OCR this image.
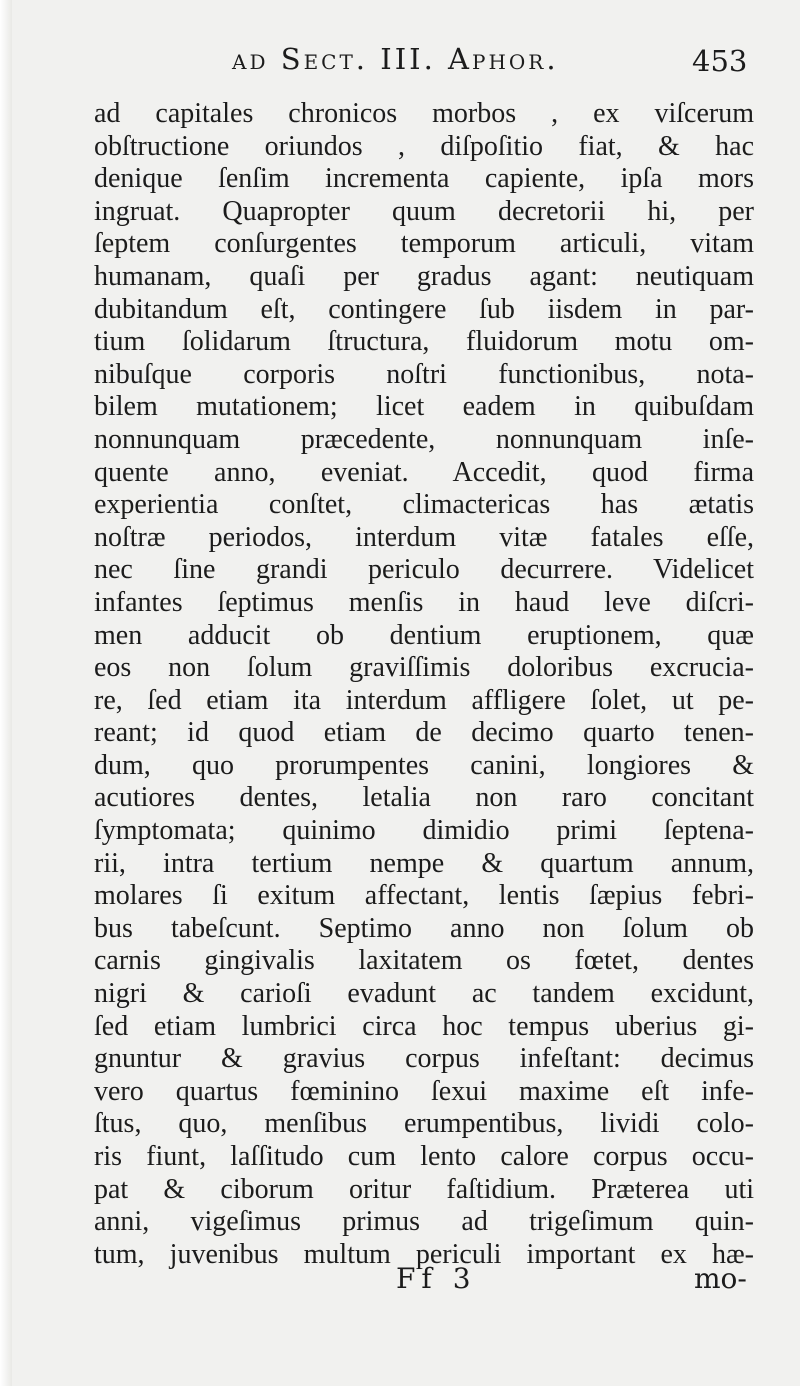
ad Sect. III. Aphor.	453
ad capitales chronicos morbos , ex viſcerum
obſtructione oriundos , diſpoſitio fiat, & hac
denique ſenſim incrementa capiente, ipſa mors
ingruat. Quapropter quum decretorii hi, per
ſeptem conſurgentes temporum articuli, vitam
humanam, quaſi per gradus agant: neutiquam
dubitandum eſt, contingere ſub iisdem in par-
tium ſolidarum ſtructura, fluidorum motu om-
nibuſque corporis noſtri functionibus, nota-
bilem mutationem; licet eadem in quibuſdam
nonnunquam præcedente, nonnunquam inſe-
quente anno, eveniat. Accedit, quod firma
experientia conſtet, climactericas has ætatis
noſtræ periodos, interdum vitæ fatales eſſe,
nec ſine grandi periculo decurrere. Videlicet
infantes ſeptimus menſis in haud leve diſcri-
men adducit ob dentium eruptionem, quæ
eos non ſolum graviſſimis doloribus excrucia-
re, ſed etiam ita interdum affligere ſolet, ut pe-
reant; id quod etiam de decimo quarto tenen-
dum, quo prorumpentes canini, longiores &
acutiores dentes, letalia non raro concitant
ſymptomata; quinimo dimidio primi ſeptena-
rii, intra tertium nempe & quartum annum,
molares ſi exitum affectant, lentis ſæpius febri-
bus tabeſcunt. Septimo anno non ſolum ob
carnis gingivalis laxitatem os fœtet, dentes
nigri & carioſi evadunt ac tandem excidunt,
ſed etiam lumbrici circa hoc tempus uberius gi-
gnuntur & gravius corpus infeſtant: decimus
vero quartus fœminino ſexui maxime eſt infe-
ſtus, quo, menſibus erumpentibus, lividi colo-
ris fiunt, laſſitudo cum lento calore corpus occu-
pat & ciborum oritur faſtidium. Præterea uti
anni, vigeſimus primus ad trigeſimum quin-
tum, juvenibus multum periculi important ex hæ-
Ff 3	mo-
